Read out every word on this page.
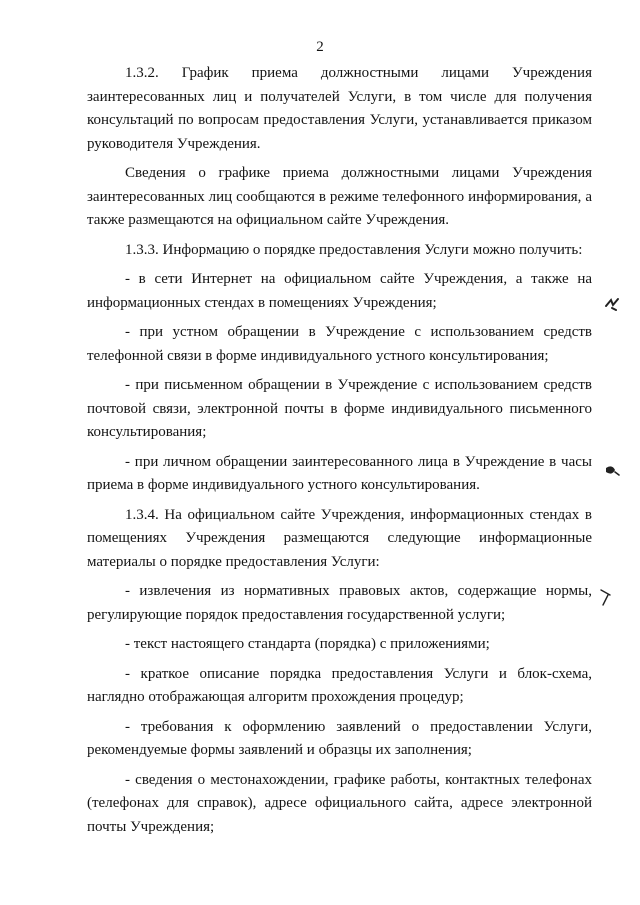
2

1.3.2. График приема должностными лицами Учреждения заинтересованных лиц и получателей Услуги, в том числе для получения консультаций по вопросам предоставления Услуги, устанавливается приказом руководителя Учреждения.

Сведения о графике приема должностными лицами Учреждения заинтересованных лиц сообщаются в режиме телефонного информирования, а также размещаются на официальном сайте Учреждения.

1.3.3. Информацию о порядке предоставления Услуги можно получить:

- в сети Интернет на официальном сайте Учреждения, а также на информационных стендах в помещениях Учреждения;

- при устном обращении в Учреждение с использованием средств телефонной связи в форме индивидуального устного консультирования;

- при письменном обращении в Учреждение с использованием средств почтовой связи, электронной почты в форме индивидуального письменного консультирования;

- при личном обращении заинтересованного лица в Учреждение в часы приема в форме индивидуального устного консультирования.

1.3.4. На официальном сайте Учреждения, информационных стендах в помещениях Учреждения размещаются следующие информационные материалы о порядке предоставления Услуги:

- извлечения из нормативных правовых актов, содержащие нормы, регулирующие порядок предоставления государственной услуги;

- текст настоящего стандарта (порядка) с приложениями;

- краткое описание порядка предоставления Услуги и блок-схема, наглядно отображающая алгоритм прохождения процедур;

- требования к оформлению заявлений о предоставлении Услуги, рекомендуемые формы заявлений и образцы их заполнения;

- сведения о местонахождении, графике работы, контактных телефонах (телефонах для справок), адресе официального сайта, адресе электронной почты Учреждения;
